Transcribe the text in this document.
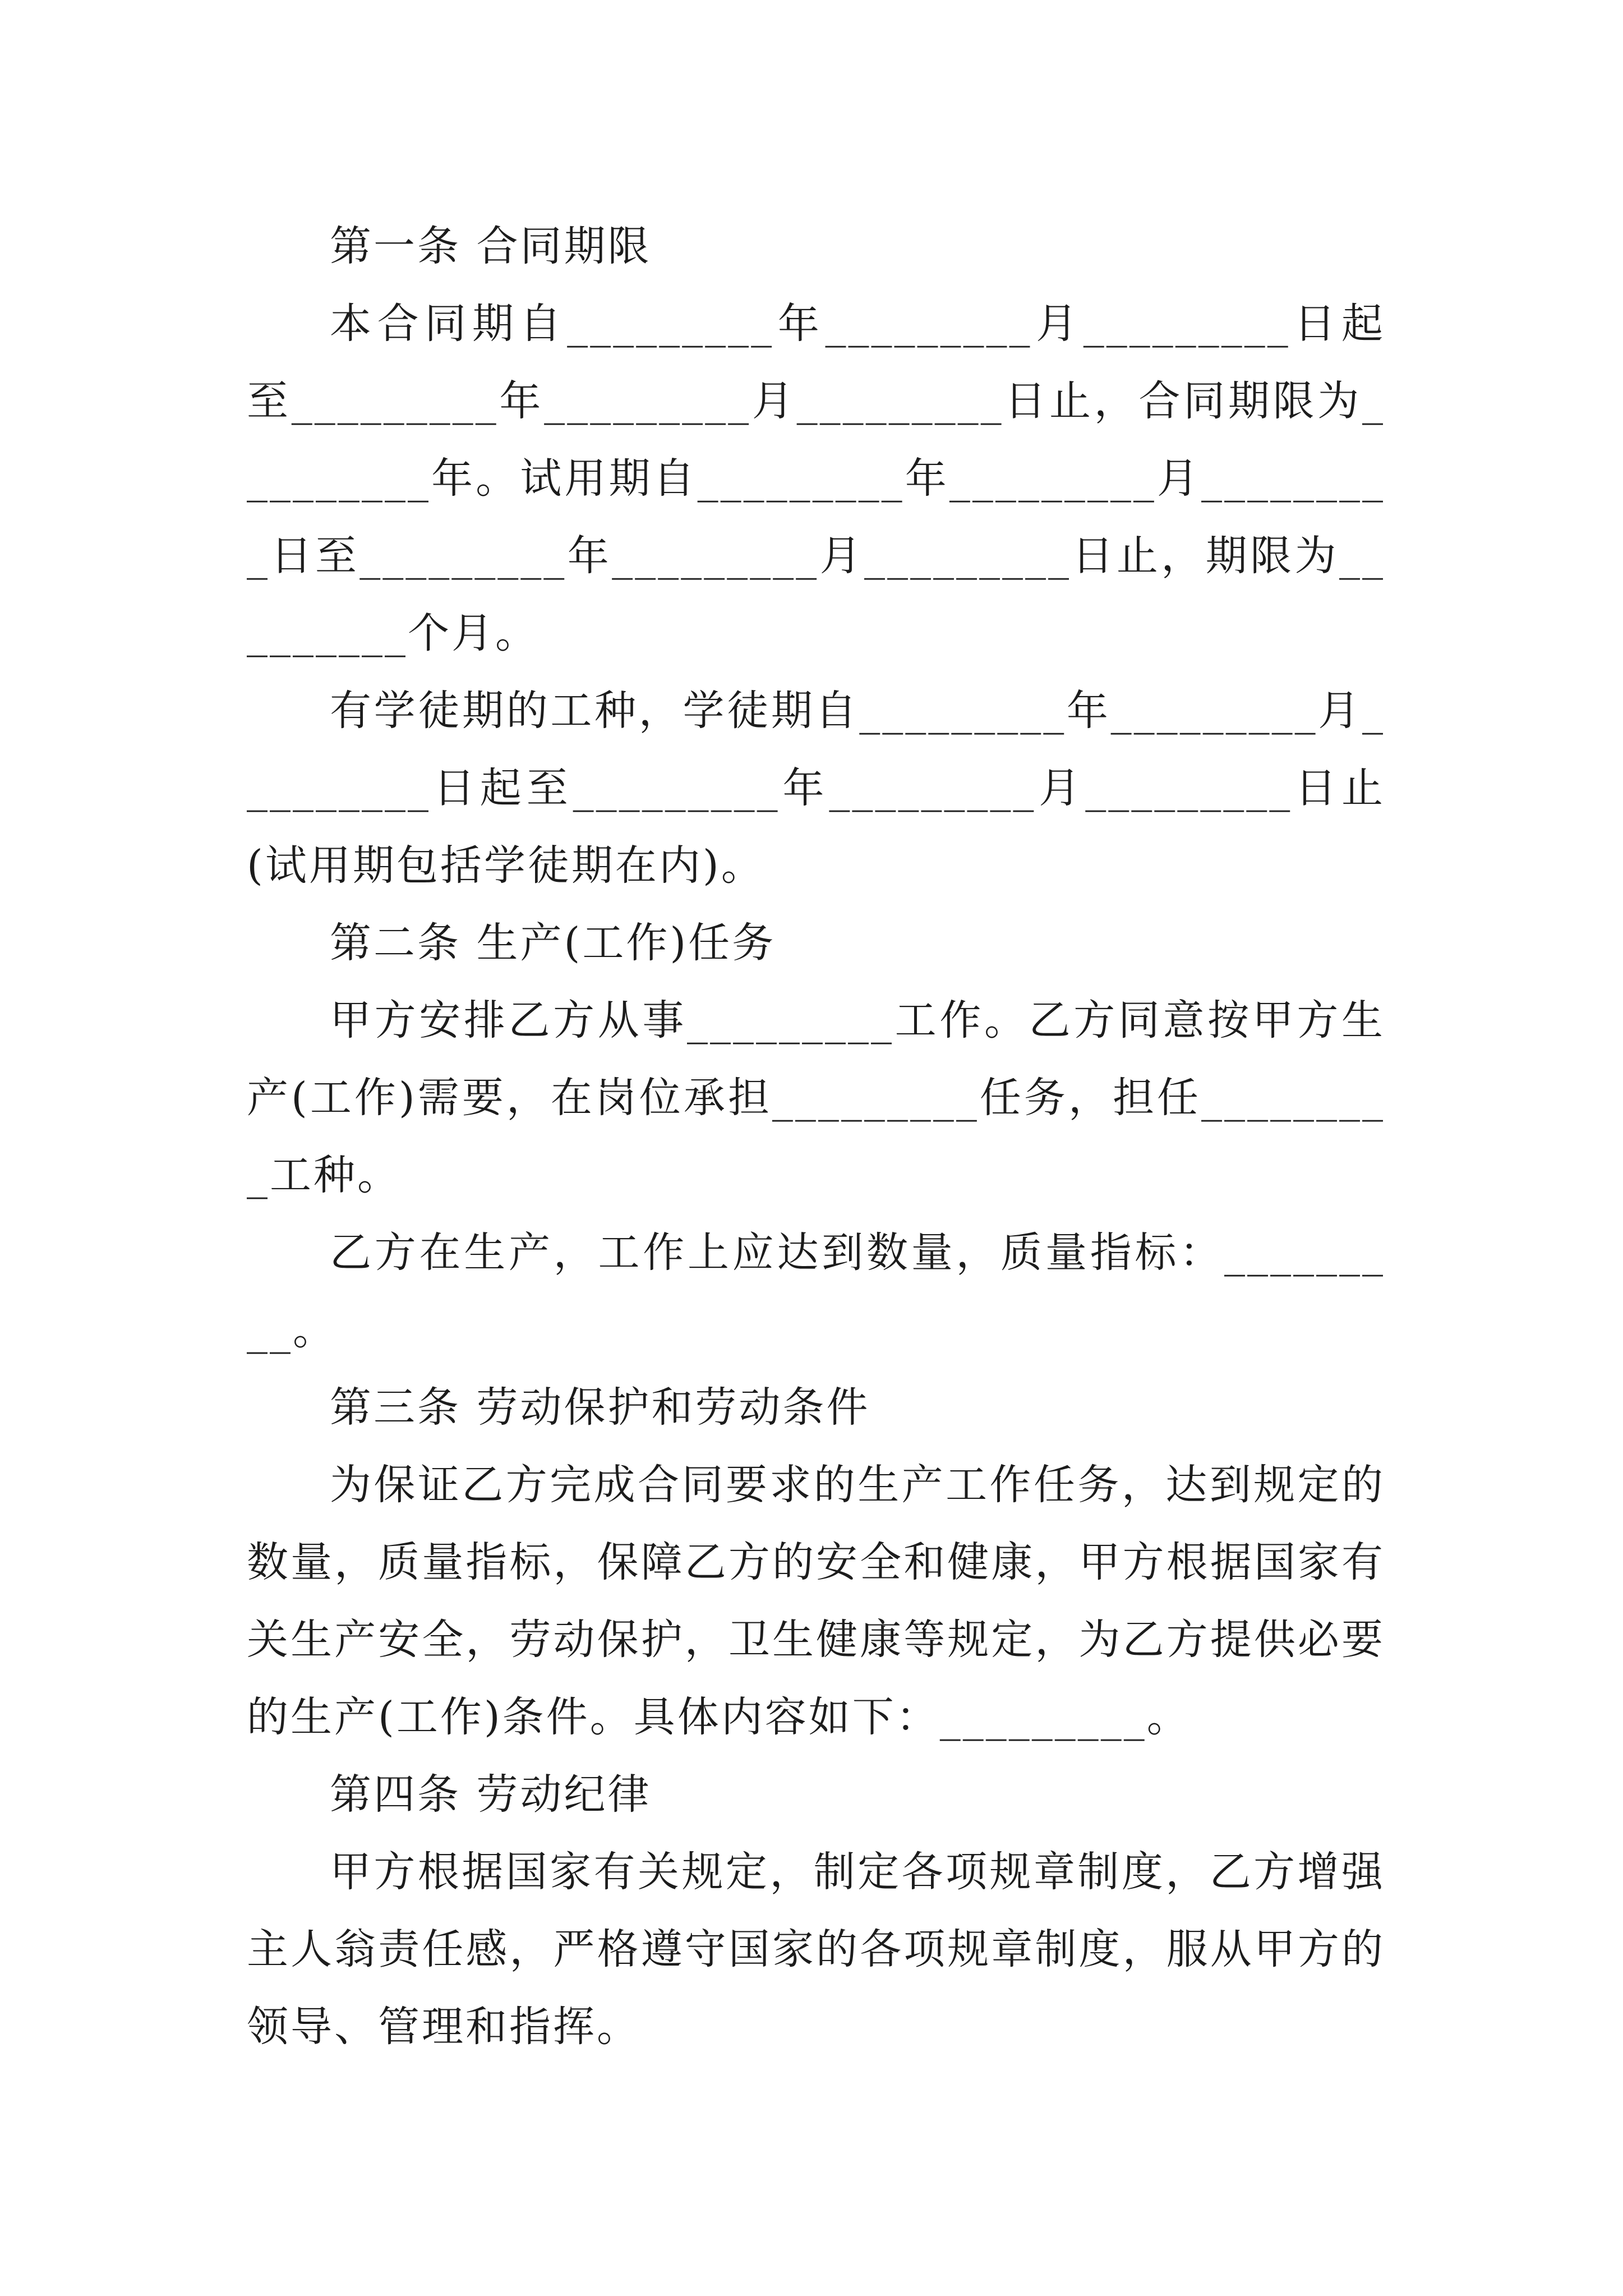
第一条 合同期限

本合同期自_________年_________月_________日起至_________年_________月_________日止，合同期限为_________年。试用期自_________年_________月_________日至_________年_________月_________日止，期限为_________个月。

有学徒期的工种，学徒期自_________年_________月_________日起至_________年_________月_________日止(试用期包括学徒期在内)。

第二条 生产(工作)任务

甲方安排乙方从事_________工作。乙方同意按甲方生产(工作)需要，在岗位承担_________任务，担任_________工种。

乙方在生产，工作上应达到数量，质量指标：_________。

第三条 劳动保护和劳动条件

为保证乙方完成合同要求的生产工作任务，达到规定的数量，质量指标，保障乙方的安全和健康，甲方根据国家有关生产安全，劳动保护，卫生健康等规定，为乙方提供必要的生产(工作)条件。具体内容如下：_________。

第四条 劳动纪律

甲方根据国家有关规定，制定各项规章制度，乙方增强主人翁责任感，严格遵守国家的各项规章制度，服从甲方的领导、管理和指挥。
